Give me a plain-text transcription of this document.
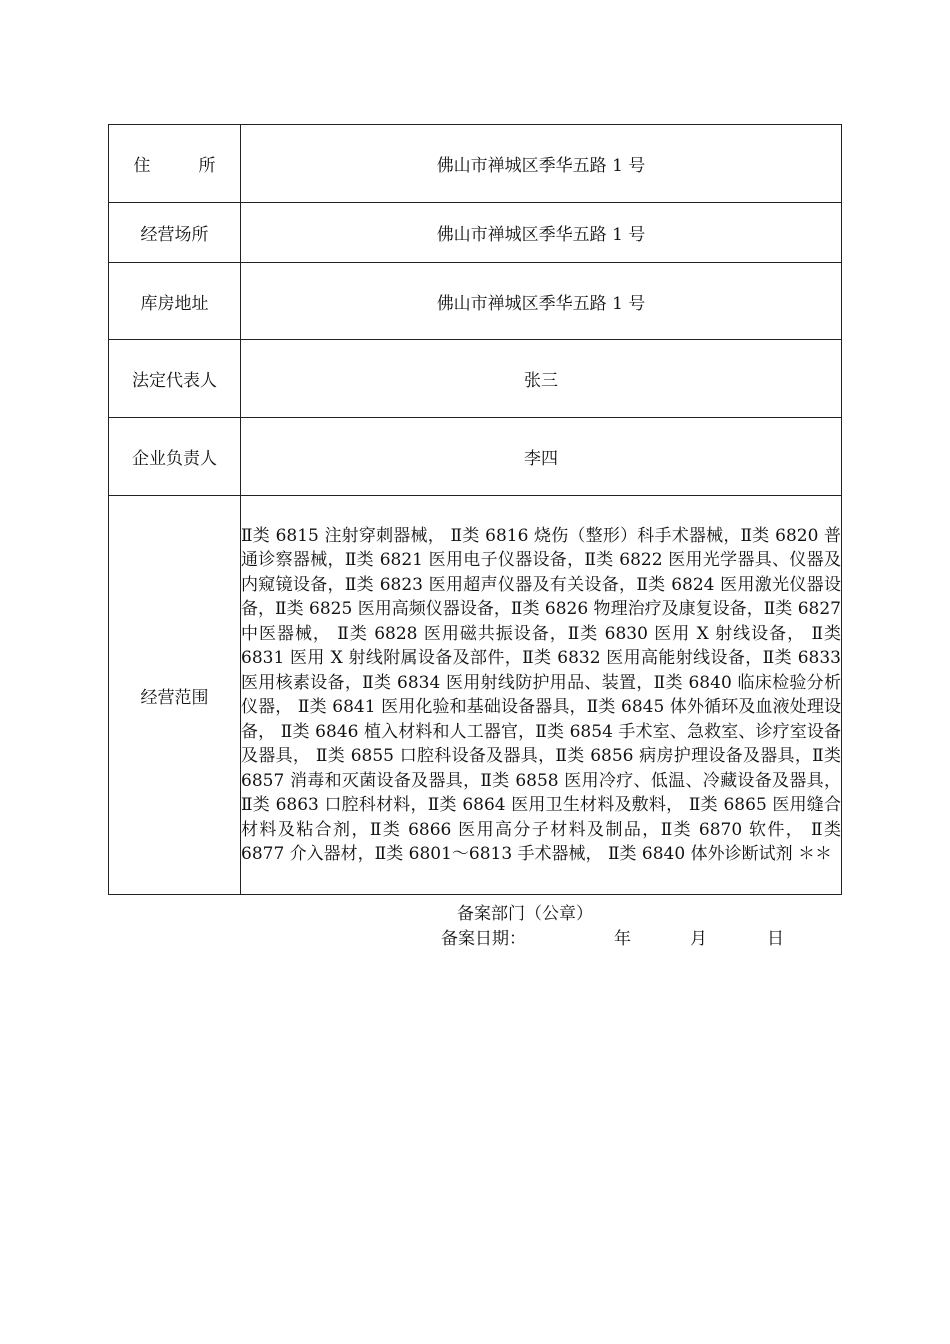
住 所	佛山市禅城区季华五路 1 号
经营场所	佛山市禅城区季华五路 1 号
库房地址	佛山市禅城区季华五路 1 号
法定代表人	张三
企业负责人	李四
经营范围	Ⅱ类 6815 注射穿刺器械， Ⅱ类 6816 烧伤（整形）科手术器械，Ⅱ类 6820 普通诊察器械，Ⅱ类 6821 医用电子仪器设备，Ⅱ类 6822 医用光学器具、仪器及内窥镜设备，Ⅱ类 6823 医用超声仪器及有关设备，Ⅱ类 6824 医用激光仪器设备，Ⅱ类 6825 医用高频仪器设备，Ⅱ类 6826 物理治疗及康复设备，Ⅱ类 6827 中医器械， Ⅱ类 6828 医用磁共振设备，Ⅱ类 6830 医用 X 射线设备， Ⅱ类 6831 医用 X 射线附属设备及部件，Ⅱ类 6832 医用高能射线设备，Ⅱ类 6833 医用核素设备，Ⅱ类 6834 医用射线防护用品、装置，Ⅱ类 6840 临床检验分析仪器， Ⅱ类 6841 医用化验和基础设备器具，Ⅱ类 6845 体外循环及血液处理设备， Ⅱ类 6846 植入材料和人工器官，Ⅱ类 6854 手术室、急救室、诊疗室设备及器具， Ⅱ类 6855 口腔科设备及器具，Ⅱ类 6856 病房护理设备及器具，Ⅱ类 6857 消毒和灭菌设备及器具，Ⅱ类 6858 医用冷疗、低温、冷藏设备及器具，Ⅱ类 6863 口腔科材料，Ⅱ类 6864 医用卫生材料及敷料， Ⅱ类 6865 医用缝合材料及粘合剂，Ⅱ类 6866 医用高分子材料及制品，Ⅱ类 6870 软件， Ⅱ类 6877 介入器材，Ⅱ类 6801～6813 手术器械， Ⅱ类 6840 体外诊断试剂 ＊＊
备案部门（公章）
备案日期：	年	月	日
